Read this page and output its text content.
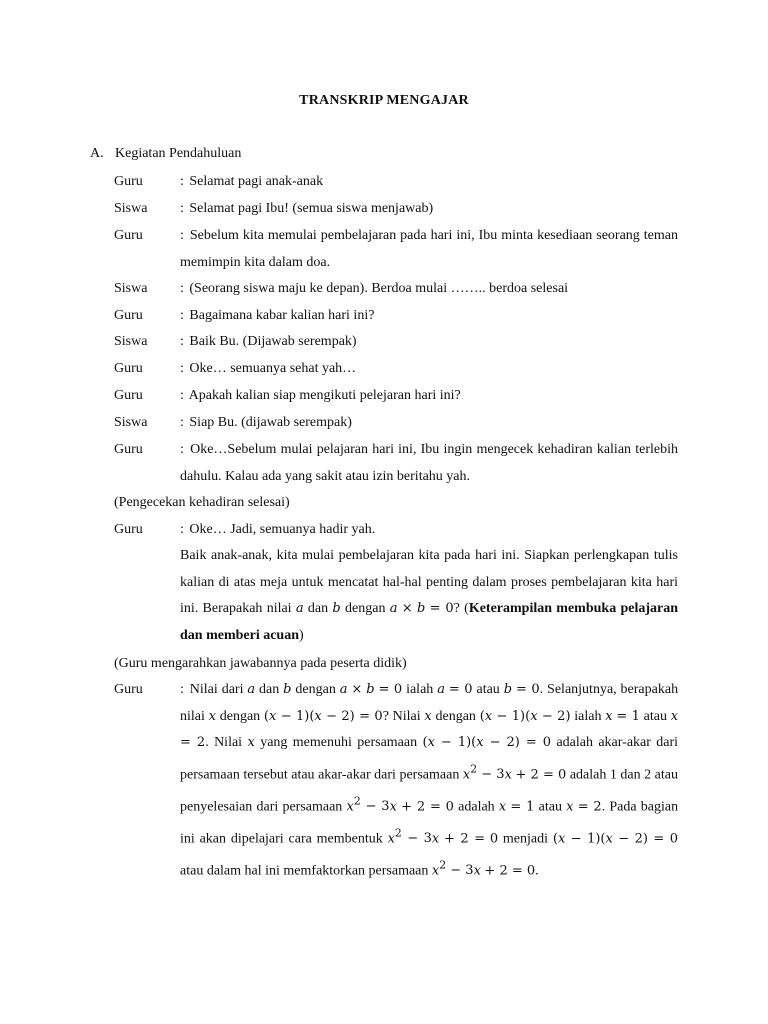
TRANSKRIP MENGAJAR
A. Kegiatan Pendahuluan
Guru	: Selamat pagi anak-anak
Siswa : Selamat pagi Ibu! (semua siswa menjawab)
Guru	: Sebelum kita memulai pembelajaran pada hari ini, Ibu minta kesediaan seorang teman memimpin kita dalam doa.
Siswa : (Seorang siswa maju ke depan). Berdoa mulai …….. berdoa selesai
Guru	: Bagaimana kabar kalian hari ini?
Siswa : Baik Bu. (Dijawab serempak)
Guru	: Oke… semuanya sehat yah…
Guru	: Apakah kalian siap mengikuti pelejaran hari ini?
Siswa : Siap Bu. (dijawab serempak)
Guru	: Oke…Sebelum mulai pelajaran hari ini, Ibu ingin mengecek kehadiran kalian terlebih dahulu. Kalau ada yang sakit atau izin beritahu yah.
(Pengecekan kehadiran selesai)
Guru	: Oke… Jadi, semuanya hadir yah.
Baik anak-anak, kita mulai pembelajaran kita pada hari ini. Siapkan perlengkapan tulis kalian di atas meja untuk mencatat hal-hal penting dalam proses pembelajaran kita hari ini. Berapakah nilai a dan b dengan a × b = 0? (Keterampilan membuka pelajaran dan memberi acuan)
(Guru mengarahkan jawabannya pada peserta didik)
Guru	: Nilai dari a dan b dengan a × b = 0 ialah a = 0 atau b = 0. Selanjutnya, berapakah nilai x dengan (x − 1)(x − 2) = 0? Nilai x dengan (x − 1)(x − 2) ialah x = 1 atau x = 2. Nilai x yang memenuhi persamaan (x − 1)(x − 2) = 0 adalah akar-akar dari persamaan tersebut atau akar-akar dari persamaan $x^2 - 3x + 2 = 0$ adalah 1 dan 2 atau penyelesaian dari persamaan $x^2 - 3x + 2 = 0$ adalah x = 1 atau x = 2. Pada bagian ini akan dipelajari cara membentuk $x^2 - 3x + 2 = 0$ menjadi (x − 1)(x − 2) = 0 atau dalam hal ini memfaktorkan persamaan $x^2 - 3x + 2 = 0$.
